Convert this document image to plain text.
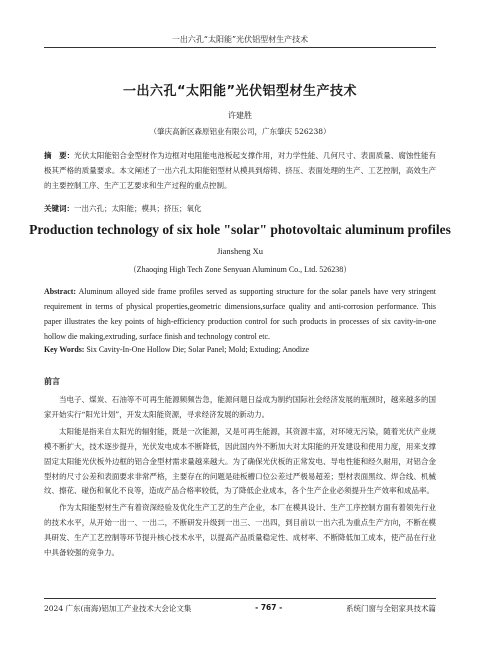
一出六孔“太阳能”光伏铝型材生产技术
一出六孔“太阳能”光伏铝型材生产技术
许建胜
（肇庆高新区森原铝业有限公司，广东肇庆 526238）
摘　要：光伏太阳能铝合金型材作为边框对电阻能电池板起支撑作用，对力学性能、几何尺寸、表面质量、腐蚀性能有极其严格的质量要求。本文阐述了一出六孔太阳能铝型材从模具到熔铸、挤压、表面处理的生产、工艺控制，高效生产的主要控制工序、生产工艺要求和生产过程的重点控制。
关键词：一出六孔；太阳能；模具；挤压；氧化
Production technology of six hole "solar" photovoltaic aluminum profiles
Jiansheng Xu
（Zhaoqing High Tech Zone Senyuan Aluminum Co., Ltd. 526238）
Abstract: Aluminum alloyed side frame profiles served as supporting structure for the solar panels have very stringent requirement in terms of physical properties,geometric dimensions,surface quality and anti-corrosion performance. This paper illustrates the key points of high-efficiency production control for such products in processes of six cavity-in-one hollow die making,extruding, surface finish and technology control etc.
Key Words: Six Cavity-In-One Hollow Die; Solar Panel; Mold; Extuding; Anodize
前言

当电子、煤炭、石油等不可再生能源频频告急，能源问题日益成为制约国际社会经济发展的瓶颈时，越来越多的国家开始实行“阳光计划”，开发太阳能资源，寻求经济发展的新动力。

太阳能是指来自太阳光的辐射能，既是一次能源，又是可再生能源，其资源丰富，对环境无污染，随着光伏产业规模不断扩大，技术逐步提升，光伏发电成本不断降低，因此国内外不断加大对太阳能的开发建设和使用力度，用来支撑固定太阳能光伏板外边框的铝合金型材需求量越来越大。为了确保光伏板的正常发电、导电性能和经久耐用，对铝合金型材的尺寸公差和表面要求非常严格，主要存在的问题是硅板槽口位公差过严极易超差；型材表面黑纹、焊合线、机械纹、擦花、碰伤和氧化不良等，造成产品合格率较低，为了降低企业成本，各个生产企业必须提升生产效率和成品率。

作为太阳能型材生产有着资深经验及优化生产工艺的生产企业，本厂在模具设计、生产工序控制方面有着领先行业的技术水平，从开始一出一、一出二，不断研发升级到一出三、一出四，到目前以一出六孔为重点生产方向，不断在模具研发、生产工艺控制等环节提升核心技术水平，以提高产品质量稳定性、成材率、不断降低加工成本，使产品在行业中具备较强的竞争力。

2024 广东(南海)铝加工产业技术大会论文集	- 767 -	系统门窗与全铝家具技术篇
